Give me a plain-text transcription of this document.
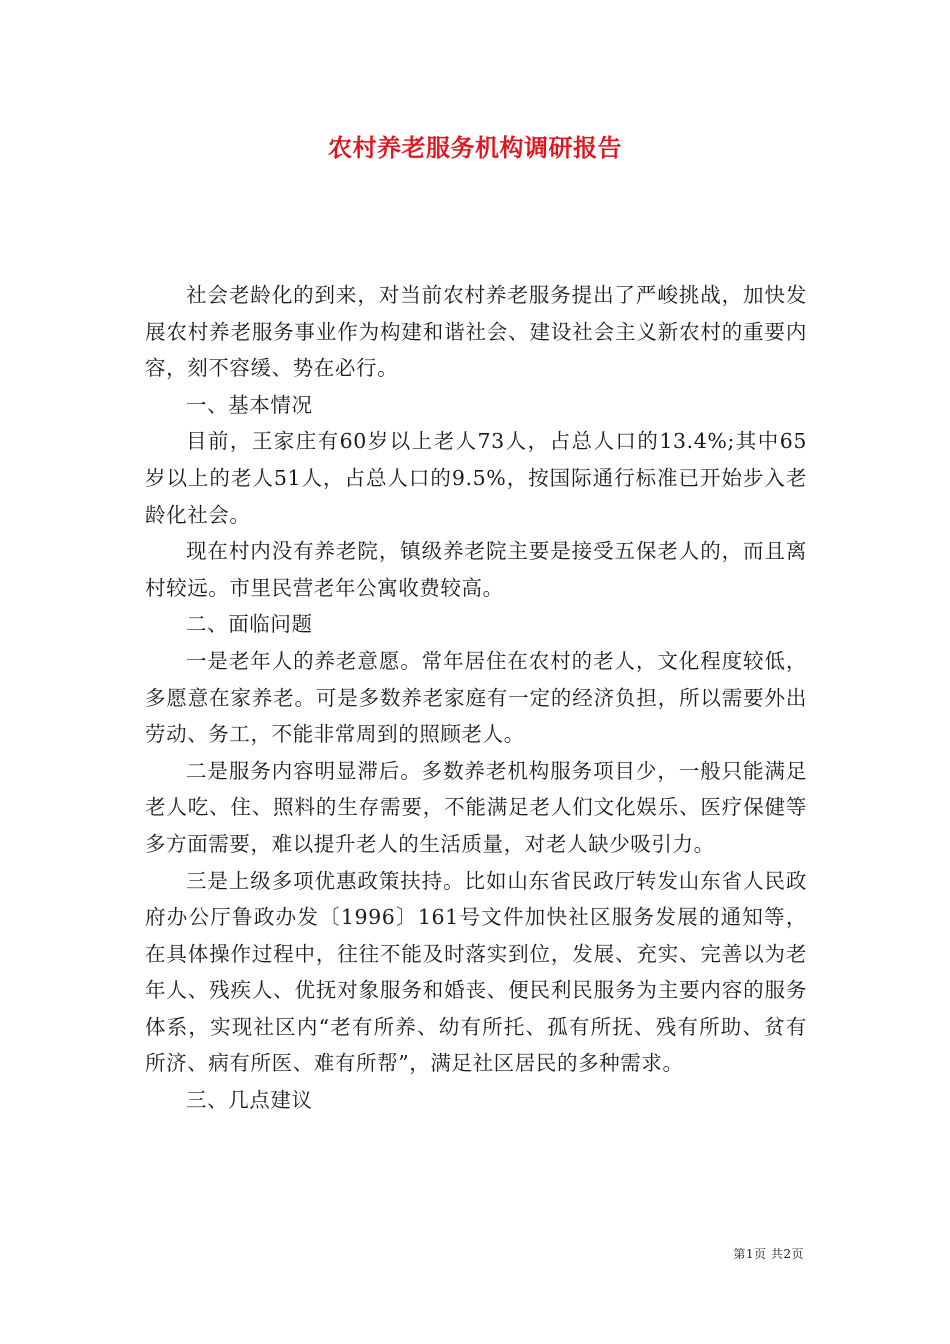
农村养老服务机构调研报告

社会老龄化的到来，对当前农村养老服务提出了严峻挑战，加快发展农村养老服务事业作为构建和谐社会、建设社会主义新农村的重要内容，刻不容缓、势在必行。

一、基本情况

目前，王家庄有60岁以上老人73人，占总人口的13.4%;其中65岁以上的老人51人，占总人口的9.5%，按国际通行标准已开始步入老龄化社会。

现在村内没有养老院，镇级养老院主要是接受五保老人的，而且离村较远。市里民营老年公寓收费较高。

二、面临问题

一是老年人的养老意愿。常年居住在农村的老人，文化程度较低，多愿意在家养老。可是多数养老家庭有一定的经济负担，所以需要外出劳动、务工，不能非常周到的照顾老人。

二是服务内容明显滞后。多数养老机构服务项目少，一般只能满足老人吃、住、照料的生存需要，不能满足老人们文化娱乐、医疗保健等多方面需要，难以提升老人的生活质量，对老人缺少吸引力。

三是上级多项优惠政策扶持。比如山东省民政厅转发山东省人民政府办公厅鲁政办发〔1996〕161号文件加快社区服务发展的通知等，在具体操作过程中，往往不能及时落实到位，发展、充实、完善以为老年人、残疾人、优抚对象服务和婚丧、便民利民服务为主要内容的服务体系，实现社区内“老有所养、幼有所托、孤有所抚、残有所助、贫有所济、病有所医、难有所帮”，满足社区居民的多种需求。

三、几点建议

第1页 共2页
